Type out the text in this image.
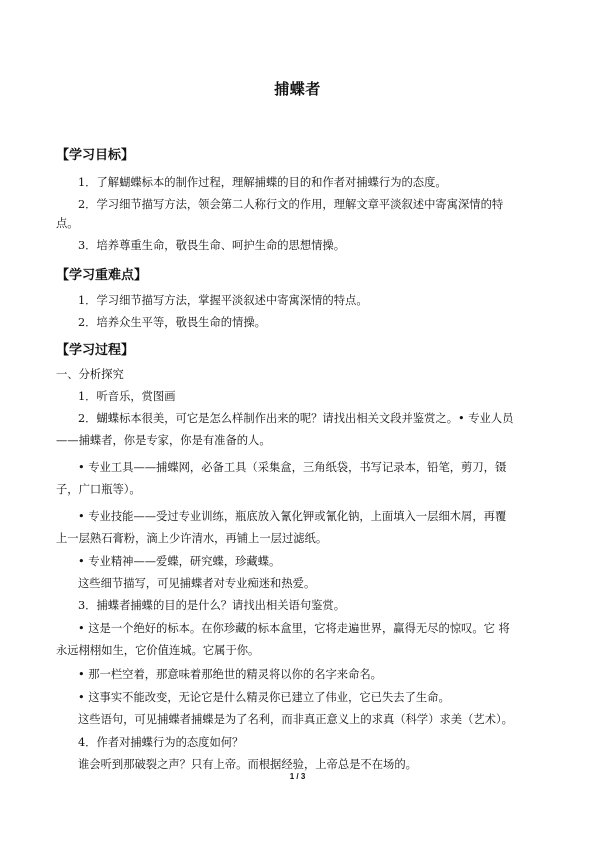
捕蝶者
【学习目标】
1．了解蝴蝶标本的制作过程，理解捕蝶的目的和作者对捕蝶行为的态度。
2．学习细节描写方法，领会第二人称行文的作用，理解文章平淡叙述中寄寓深情的特
点。
3．培养尊重生命，敬畏生命、呵护生命的思想情操。
【学习重难点】
1．学习细节描写方法，掌握平淡叙述中寄寓深情的特点。
2．培养众生平等，敬畏生命的情操。
【学习过程】
一、分析探究
1．听音乐，赏图画
2．蝴蝶标本很美，可它是怎么样制作出来的呢？请找出相关文段并鉴赏之。• 专业人员
——捕蝶者，你是专家，你是有准备的人。
• 专业工具——捕蝶网，必备工具（采集盒，三角纸袋，书写记录本，铅笔，剪刀，镊
子，广口瓶等）。
• 专业技能——受过专业训练，瓶底放入氰化钾或氰化钠，上面填入一层细木屑，再覆
上一层熟石膏粉，滴上少许清水，再铺上一层过滤纸。
• 专业精神——爱蝶，研究蝶，珍藏蝶。
这些细节描写，可见捕蝶者对专业痴迷和热爱。
3．捕蝶者捕蝶的目的是什么？请找出相关语句鉴赏。
• 这是一个绝好的标本。在你珍藏的标本盒里，它将走遍世界，赢得无尽的惊叹。它 将
永远栩栩如生，它价值连城。它属于你。
• 那一栏空着，那意味着那绝世的精灵将以你的名字来命名。
• 这事实不能改变，无论它是什么精灵你已建立了伟业，它已失去了生命。
这些语句，可见捕蝶者捕蝶是为了名利，而非真正意义上的求真（科学）求美（艺术）。
4．作者对捕蝶行为的态度如何？
谁会听到那破裂之声？只有上帝。而根据经验，上帝总是不在场的。
1 / 3
